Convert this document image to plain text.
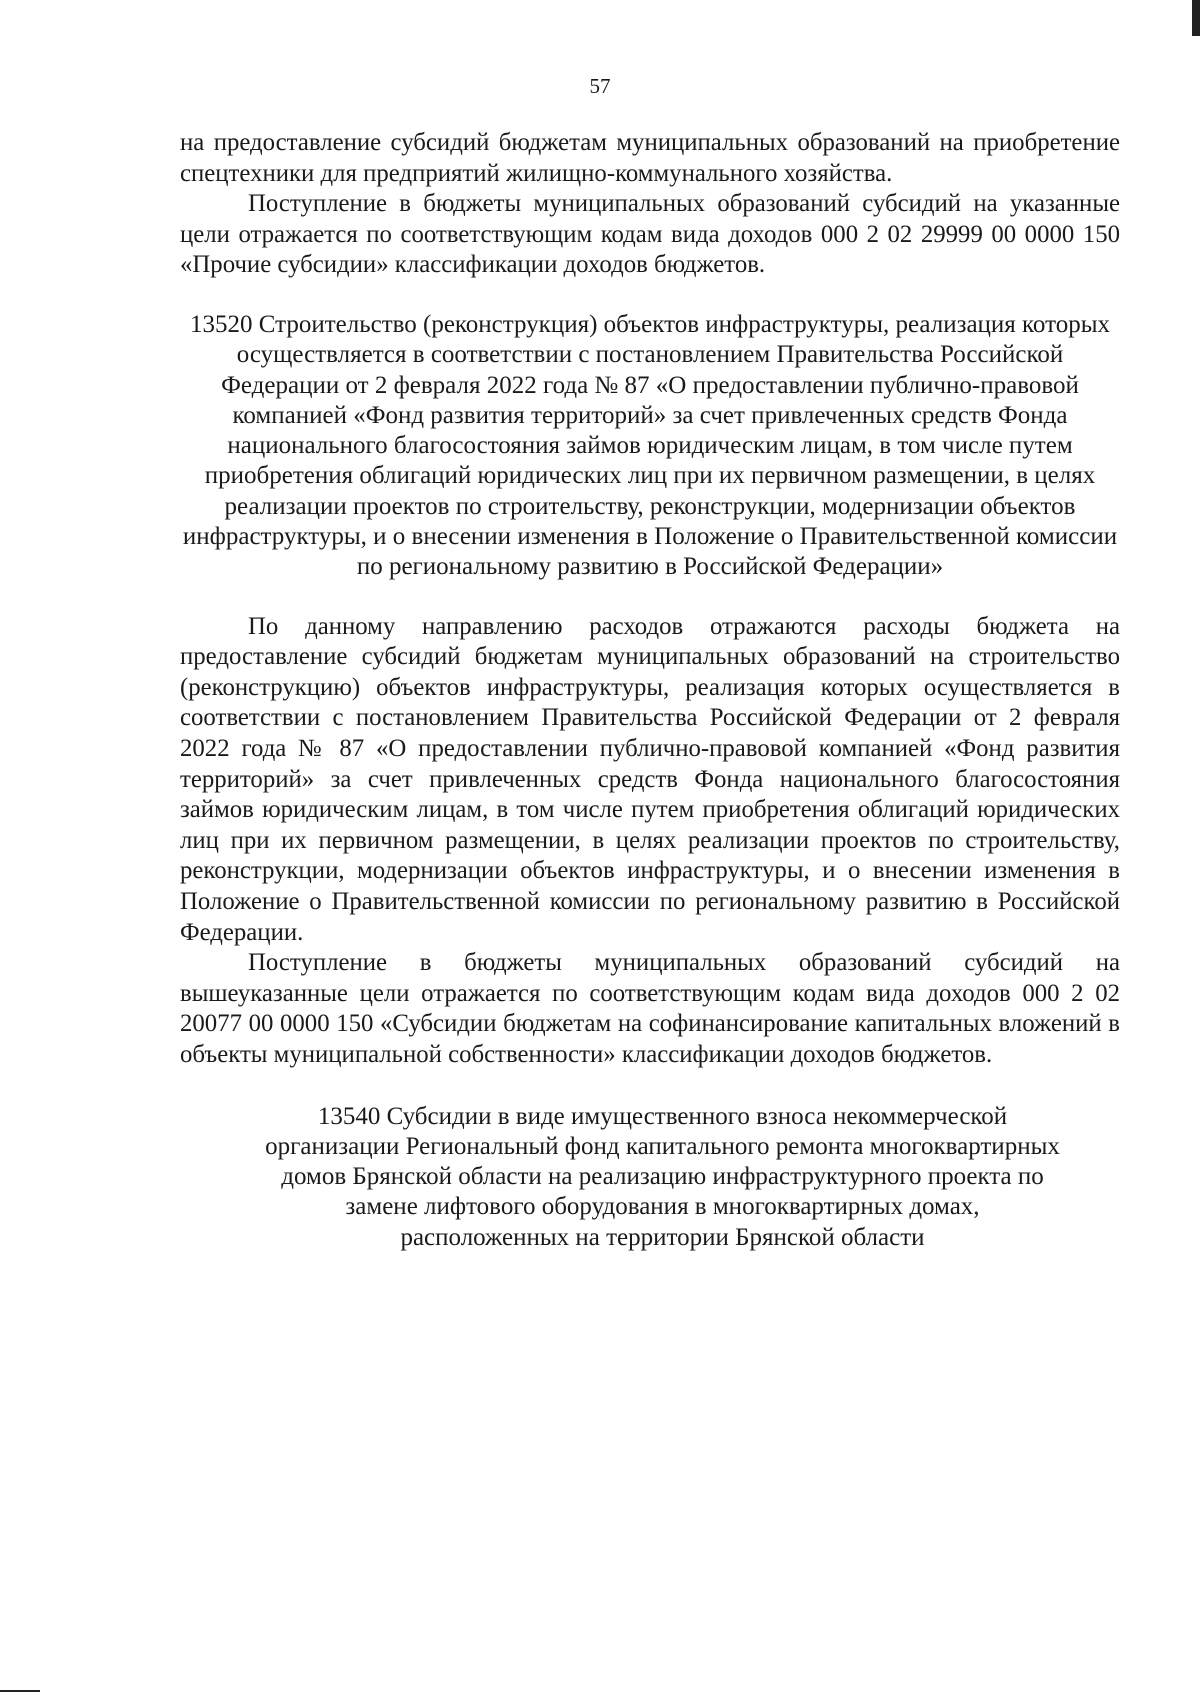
57

на предоставление субсидий бюджетам муниципальных образований на приобретение спецтехники для предприятий жилищно-коммунального хозяйства.

Поступление в бюджеты муниципальных образований субсидий на указанные цели отражается по соответствующим кодам вида доходов 000 2 02 29999 00 0000 150 «Прочие субсидии» классификации доходов бюджетов.

13520 Строительство (реконструкция) объектов инфраструктуры, реализация которых осуществляется в соответствии с постановлением Правительства Российской Федерации от 2 февраля 2022 года № 87 «О предоставлении публично-правовой компанией «Фонд развития территорий» за счет привлеченных средств Фонда национального благосостояния займов юридическим лицам, в том числе путем приобретения облигаций юридических лиц при их первичном размещении, в целях реализации проектов по строительству, реконструкции, модернизации объектов инфраструктуры, и о внесении изменения в Положение о Правительственной комиссии по региональному развитию в Российской Федерации»

По данному направлению расходов отражаются расходы бюджета на предоставление субсидий бюджетам муниципальных образований на строительство (реконструкцию) объектов инфраструктуры, реализация которых осуществляется в соответствии с постановлением Правительства Российской Федерации от 2 февраля 2022 года № 87 «О предоставлении публично-правовой компанией «Фонд развития территорий» за счет привлеченных средств Фонда национального благосостояния займов юридическим лицам, в том числе путем приобретения облигаций юридических лиц при их первичном размещении, в целях реализации проектов по строительству, реконструкции, модернизации объектов инфраструктуры, и о внесении изменения в Положение о Правительственной комиссии по региональному развитию в Российской Федерации.

Поступление в бюджеты муниципальных образований субсидий на вышеуказанные цели отражается по соответствующим кодам вида доходов 000 2 02 20077 00 0000 150 «Субсидии бюджетам на софинансирование капитальных вложений в объекты муниципальной собственности» классификации доходов бюджетов.

13540 Субсидии в виде имущественного взноса некоммерческой организации Региональный фонд капитального ремонта многоквартирных домов Брянской области на реализацию инфраструктурного проекта по замене лифтового оборудования в многоквартирных домах, расположенных на территории Брянской области
